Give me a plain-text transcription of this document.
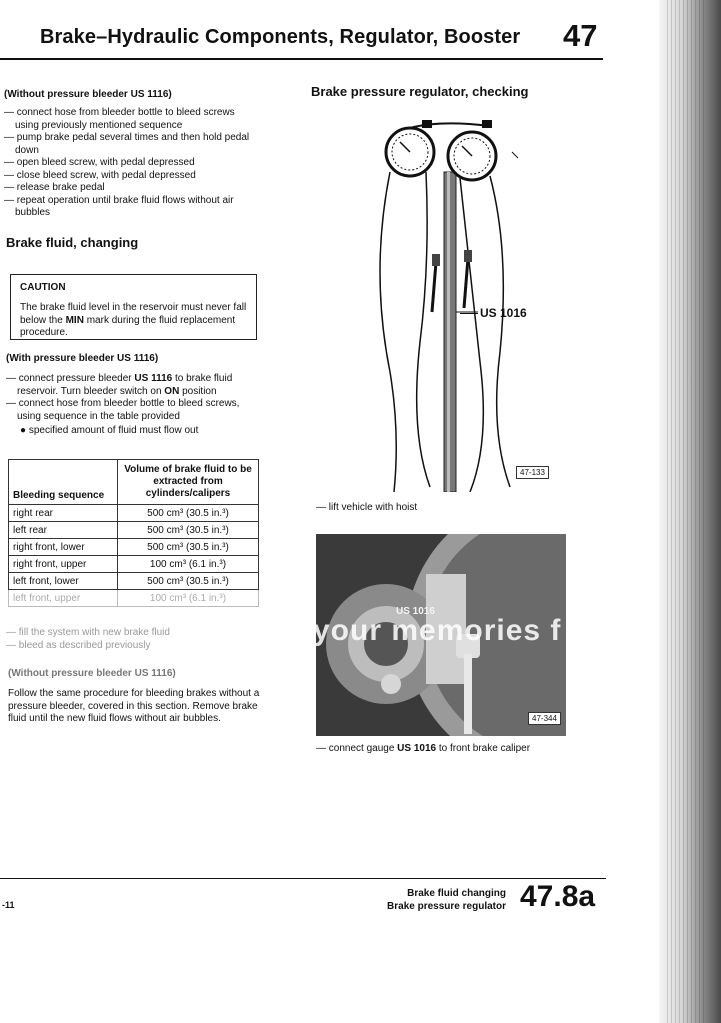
Brake–Hydraulic Components, Regulator, Booster 47
(Without pressure bleeder US 1116)
— connect hose from bleeder bottle to bleed screws using previously mentioned sequence
— pump brake pedal several times and then hold pedal down
— open bleed screw, with pedal depressed
— close bleed screw, with pedal depressed
— release brake pedal
— repeat operation until brake fluid flows without air bubbles
Brake fluid, changing
CAUTION
The brake fluid level in the reservoir must never fall below the MIN mark during the fluid replacement procedure.
(With pressure bleeder US 1116)
— connect pressure bleeder US 1116 to brake fluid reservoir. Turn bleeder switch on ON position
— connect hose from bleeder bottle to bleed screws, using sequence in the table provided
● specified amount of fluid must flow out
Bleeding sequence	Volume of brake fluid to be extracted from cylinders/calipers
right rear	500 cm³ (30.5 in.³)
left rear	500 cm³ (30.5 in.³)
right front, lower	500 cm³ (30.5 in.³)
right front, upper	100 cm³ (6.1 in.³)
left front, lower	500 cm³ (30.5 in.³)
left front, upper	100 cm³ (6.1 in.³)
— fill the system with new brake fluid
— bleed as described previously
(Without pressure bleeder US 1116)
Follow the same procedure for bleeding brakes without a pressure bleeder, covered in this section. Remove brake fluid until the new fluid flows without air bubbles.
Brake pressure regulator, checking
US 1016
47-133
— lift vehicle with hoist
US 1016
47-344
— connect gauge US 1016 to front brake caliper
your memories f
-11
Brake fluid changing
Brake pressure regulator 47.8a
